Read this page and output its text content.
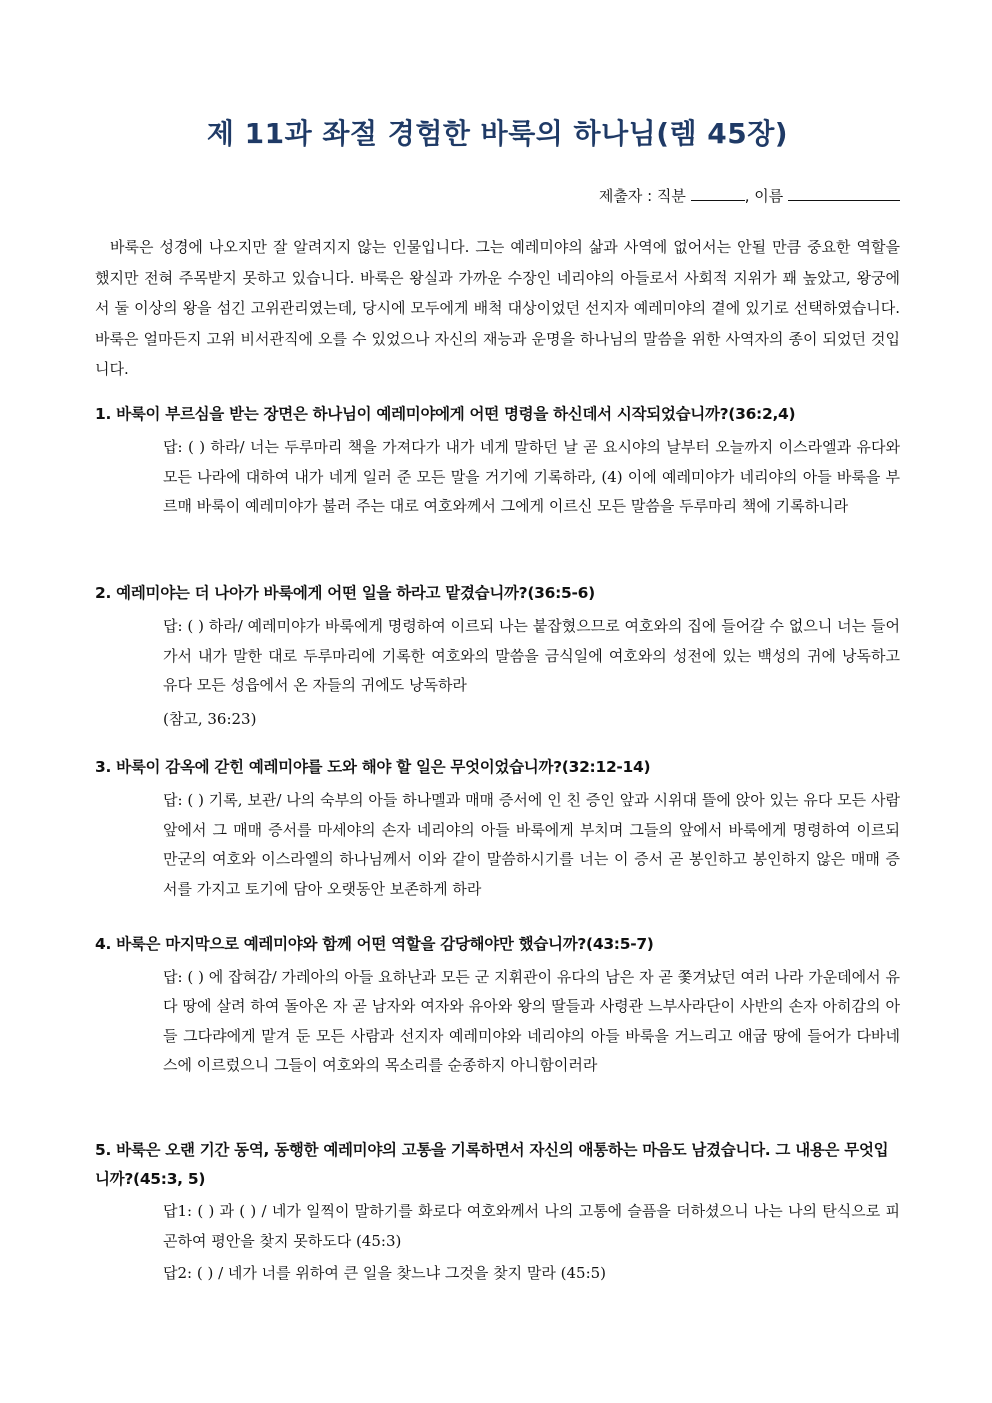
제 11과 좌절 경험한 바룩의 하나님(렘 45장)
제출자 : 직분	, 이름
바룩은 성경에 나오지만 잘 알려지지 않는 인물입니다. 그는 예레미야의 삶과 사역에 없어서는 안될 만큼 중요한 역할을 했지만 전혀 주목받지 못하고 있습니다. 바룩은 왕실과 가까운 수장인 네리야의 아들로서 사회적 지위가 꽤 높았고, 왕궁에서 둘 이상의 왕을 섬긴 고위관리였는데, 당시에 모두에게 배척 대상이었던 선지자 예레미야의 곁에 있기로 선택하였습니다. 바룩은 얼마든지 고위 비서관직에 오를 수 있었으나 자신의 재능과 운명을 하나님의 말씀을 위한 사역자의 종이 되었던 것입니다.
1. 바룩이 부르심을 받는 장면은 하나님이 예레미야에게 어떤 명령을 하신데서 시작되었습니까?(36:2,4)
답: ( ) 하라/ 너는 두루마리 책을 가져다가 내가 네게 말하던 날 곧 요시야의 날부터 오늘까지 이스라엘과 유다와 모든 나라에 대하여 내가 네게 일러 준 모든 말을 거기에 기록하라, (4) 이에 예레미야가 네리야의 아들 바룩을 부르매 바룩이 예레미야가 불러 주는 대로 여호와께서 그에게 이르신 모든 말씀을 두루마리 책에 기록하니라
2. 예레미야는 더 나아가 바룩에게 어떤 일을 하라고 맡겼습니까?(36:5-6)
답: ( ) 하라/ 예레미야가 바룩에게 명령하여 이르되 나는 붙잡혔으므로 여호와의 집에 들어갈 수 없으니 너는 들어가서 내가 말한 대로 두루마리에 기록한 여호와의 말씀을 금식일에 여호와의 성전에 있는 백성의 귀에 낭독하고 유다 모든 성읍에서 온 자들의 귀에도 낭독하라
(참고, 36:23)
3. 바룩이 감옥에 갇힌 예레미야를 도와 해야 할 일은 무엇이었습니까?(32:12-14)
답: ( ) 기록, 보관/ 나의 숙부의 아들 하나멜과 매매 증서에 인 친 증인 앞과 시위대 뜰에 앉아 있는 유다 모든 사람 앞에서 그 매매 증서를 마세야의 손자 네리야의 아들 바룩에게 부치며 그들의 앞에서 바룩에게 명령하여 이르되 만군의 여호와 이스라엘의 하나님께서 이와 같이 말씀하시기를 너는 이 증서 곧 봉인하고 봉인하지 않은 매매 증서를 가지고 토기에 담아 오랫동안 보존하게 하라
4. 바룩은 마지막으로 예레미야와 함께 어떤 역할을 감당해야만 했습니까?(43:5-7)
답: ( ) 에 잡혀감/ 가레아의 아들 요하난과 모든 군 지휘관이 유다의 남은 자 곧 쫓겨났던 여러 나라 가운데에서 유다 땅에 살려 하여 돌아온 자 곧 남자와 여자와 유아와 왕의 딸들과 사령관 느부사라단이 사반의 손자 아히감의 아들 그다랴에게 맡겨 둔 모든 사람과 선지자 예레미야와 네리야의 아들 바룩을 거느리고 애굽 땅에 들어가 다바네스에 이르렀으니 그들이 여호와의 목소리를 순종하지 아니함이러라
5. 바룩은 오랜 기간 동역, 동행한 예레미야의 고통을 기록하면서 자신의 애통하는 마음도 남겼습니다. 그 내용은 무엇입니까?(45:3, 5)
답1: ( ) 과 ( ) / 네가 일찍이 말하기를 화로다 여호와께서 나의 고통에 슬픔을 더하셨으니 나는 나의 탄식으로 피곤하여 평안을 찾지 못하도다 (45:3)
답2: ( ) / 네가 너를 위하여 큰 일을 찾느냐 그것을 찾지 말라 (45:5)
